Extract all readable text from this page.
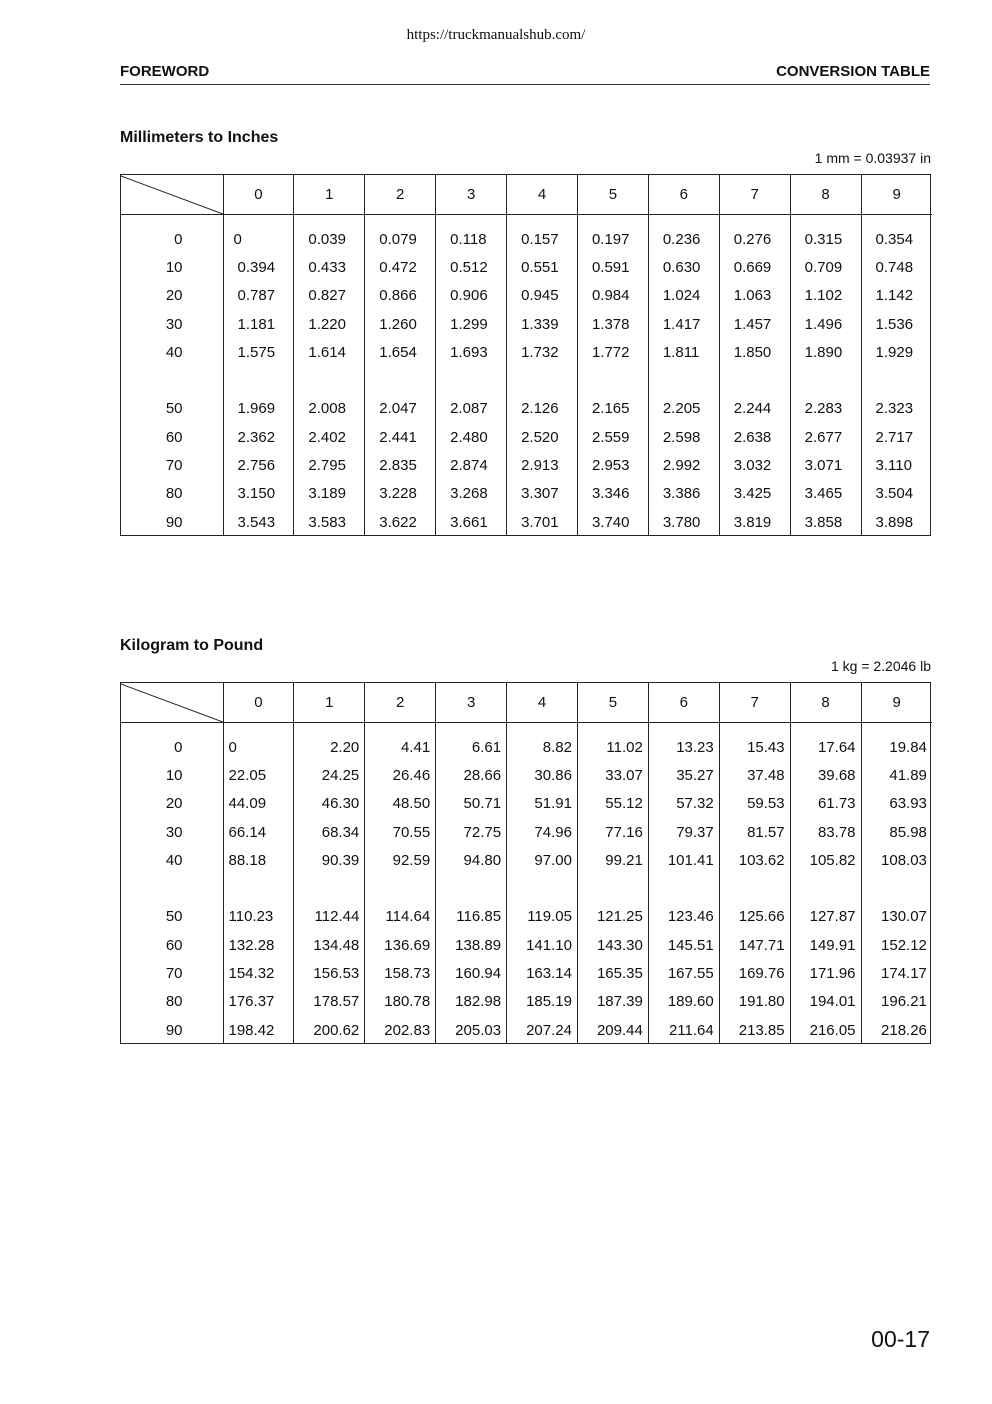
https://truckmanualshub.com/
FOREWORD	CONVERSION TABLE
Millimeters to Inches
1 mm = 0.03937 in
	0	1	2	3	4	5	6	7	8	9
0	0	0.039	0.079	0.118	0.157	0.197	0.236	0.276	0.315	0.354
10	0.394	0.433	0.472	0.512	0.551	0.591	0.630	0.669	0.709	0.748
20	0.787	0.827	0.866	0.906	0.945	0.984	1.024	1.063	1.102	1.142
30	1.181	1.220	1.260	1.299	1.339	1.378	1.417	1.457	1.496	1.536
40	1.575	1.614	1.654	1.693	1.732	1.772	1.811	1.850	1.890	1.929

50	1.969	2.008	2.047	2.087	2.126	2.165	2.205	2.244	2.283	2.323
60	2.362	2.402	2.441	2.480	2.520	2.559	2.598	2.638	2.677	2.717
70	2.756	2.795	2.835	2.874	2.913	2.953	2.992	3.032	3.071	3.110
80	3.150	3.189	3.228	3.268	3.307	3.346	3.386	3.425	3.465	3.504
90	3.543	3.583	3.622	3.661	3.701	3.740	3.780	3.819	3.858	3.898
Kilogram to Pound
1 kg = 2.2046 lb
	0	1	2	3	4	5	6	7	8	9
0	0	2.20	4.41	6.61	8.82	11.02	13.23	15.43	17.64	19.84
10	22.05	24.25	26.46	28.66	30.86	33.07	35.27	37.48	39.68	41.89
20	44.09	46.30	48.50	50.71	51.91	55.12	57.32	59.53	61.73	63.93
30	66.14	68.34	70.55	72.75	74.96	77.16	79.37	81.57	83.78	85.98
40	88.18	90.39	92.59	94.80	97.00	99.21	101.41	103.62	105.82	108.03

50	110.23	112.44	114.64	116.85	119.05	121.25	123.46	125.66	127.87	130.07
60	132.28	134.48	136.69	138.89	141.10	143.30	145.51	147.71	149.91	152.12
70	154.32	156.53	158.73	160.94	163.14	165.35	167.55	169.76	171.96	174.17
80	176.37	178.57	180.78	182.98	185.19	187.39	189.60	191.80	194.01	196.21
90	198.42	200.62	202.83	205.03	207.24	209.44	211.64	213.85	216.05	218.26
00-17
